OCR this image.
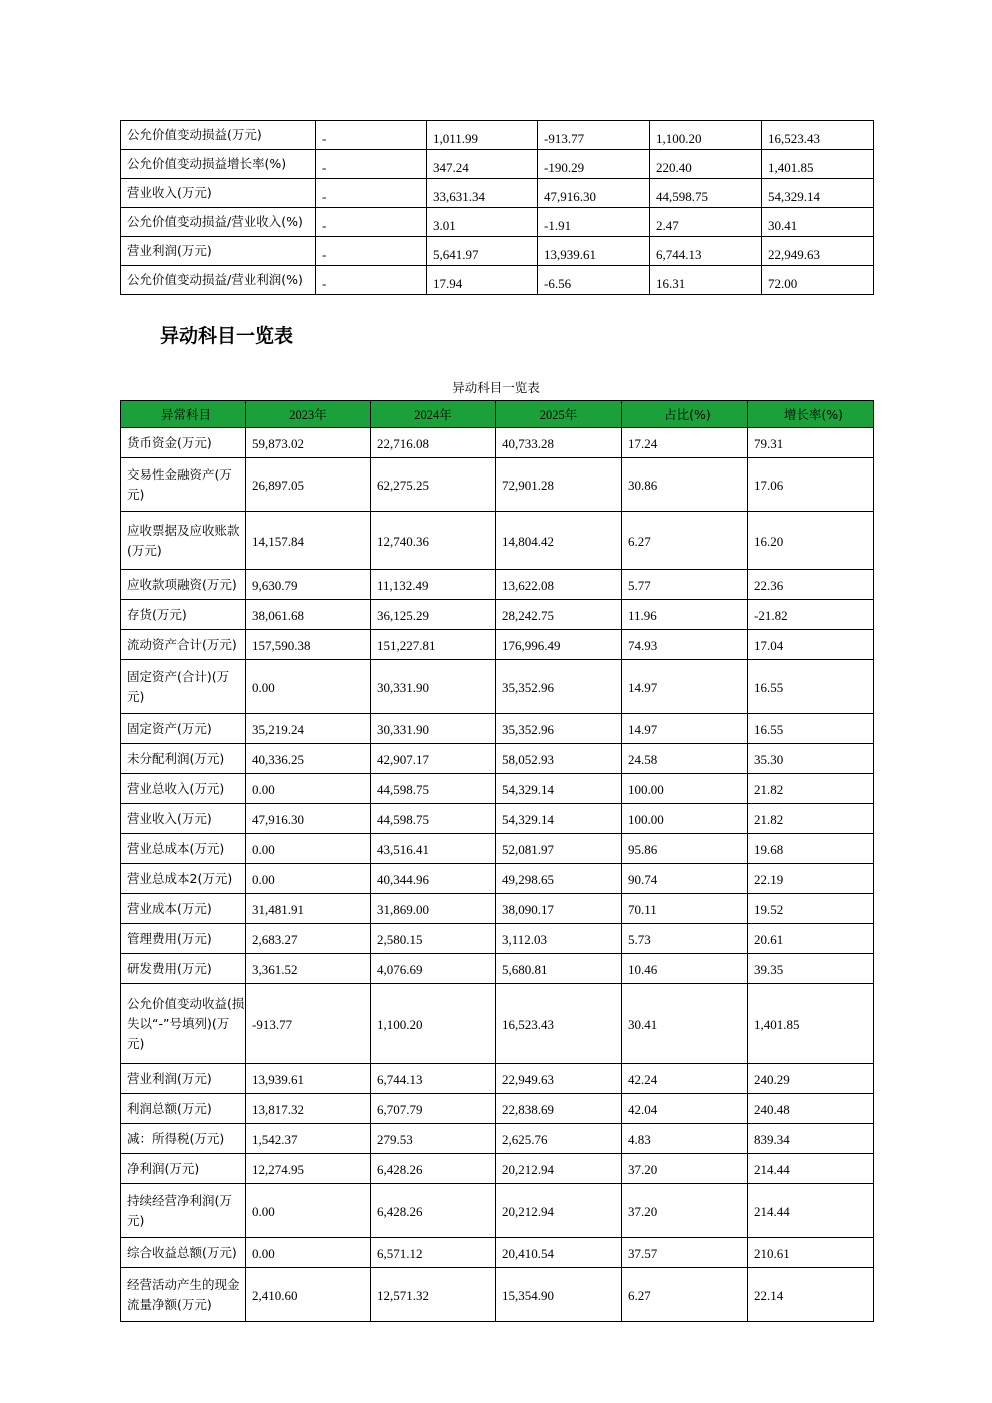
公允价值变动损益(万元)	-	1,011.99	-913.77	1,100.20	16,523.43
公允价值变动损益增长率(%)	-	347.24	-190.29	220.40	1,401.85
营业收入(万元)	-	33,631.34	47,916.30	44,598.75	54,329.14
公允价值变动损益/营业收入(%)	-	3.01	-1.91	2.47	30.41
营业利润(万元)	-	5,641.97	13,939.61	6,744.13	22,949.63
公允价值变动损益/营业利润(%)	-	17.94	-6.56	16.31	72.00
异动科目一览表

异动科目一览表

异常科目	2023年	2024年	2025年	占比(%)	增长率(%)
货币资金(万元)	59,873.02	22,716.08	40,733.28	17.24	79.31
交易性金融资产(万元)	26,897.05	62,275.25	72,901.28	30.86	17.06
应收票据及应收账款(万元)	14,157.84	12,740.36	14,804.42	6.27	16.20
应收款项融资(万元)	9,630.79	11,132.49	13,622.08	5.77	22.36
存货(万元)	38,061.68	36,125.29	28,242.75	11.96	-21.82
流动资产合计(万元)	157,590.38	151,227.81	176,996.49	74.93	17.04
固定资产(合计)(万元)	0.00	30,331.90	35,352.96	14.97	16.55
固定资产(万元)	35,219.24	30,331.90	35,352.96	14.97	16.55
未分配利润(万元)	40,336.25	42,907.17	58,052.93	24.58	35.30
营业总收入(万元)	0.00	44,598.75	54,329.14	100.00	21.82
营业收入(万元)	47,916.30	44,598.75	54,329.14	100.00	21.82
营业总成本(万元)	0.00	43,516.41	52,081.97	95.86	19.68
营业总成本2(万元)	0.00	40,344.96	49,298.65	90.74	22.19
营业成本(万元)	31,481.91	31,869.00	38,090.17	70.11	19.52
管理费用(万元)	2,683.27	2,580.15	3,112.03	5.73	20.61
研发费用(万元)	3,361.52	4,076.69	5,680.81	10.46	39.35
公允价值变动收益(损失以“-”号填列)(万元)	-913.77	1,100.20	16,523.43	30.41	1,401.85
营业利润(万元)	13,939.61	6,744.13	22,949.63	42.24	240.29
利润总额(万元)	13,817.32	6,707.79	22,838.69	42.04	240.48
减：所得税(万元)	1,542.37	279.53	2,625.76	4.83	839.34
净利润(万元)	12,274.95	6,428.26	20,212.94	37.20	214.44
持续经营净利润(万元)	0.00	6,428.26	20,212.94	37.20	214.44
综合收益总额(万元)	0.00	6,571.12	20,410.54	37.57	210.61
经营活动产生的现金流量净额(万元)	2,410.60	12,571.32	15,354.90	6.27	22.14
